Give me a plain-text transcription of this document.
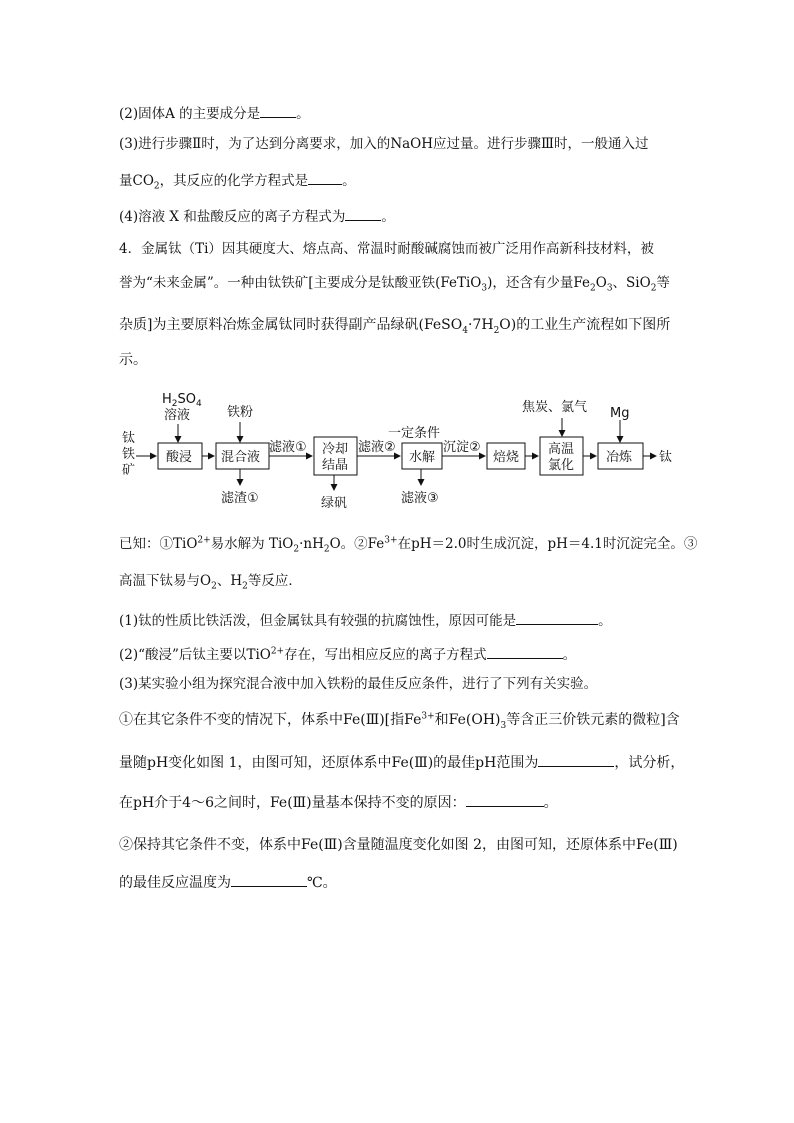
(2)固体A 的主要成分是	。
(3)进行步骤Ⅱ时，为了达到分离要求，加入的NaOH应过量。进行步骤Ⅲ时，一般通入过
量$CO_2$，其反应的化学方程式是	。
(4)溶液 X 和盐酸反应的离子方程式为	。
4．金属钛（Ti）因其硬度大、熔点高、常温时耐酸碱腐蚀而被广泛用作高新科技材料，被
誉为“未来金属”。一种由钛铁矿[主要成分是钛酸亚铁(FeTiO$_3$)，还含有少量$Fe_2O_3$、SiO$_2$等
杂质]为主要原料冶炼金属钛同时获得副产品绿矾$(FeSO_4\cdot 7H_2O)$的工业生产流程如下图所
示。
钛
铁
矿
$H_2SO_4$
溶液	铁粉	焦炭、氯气 Mg
一定条件
酸浸 混合液
冷却
结晶
水解	焙烧
高温
氯化
冶炼
滤液①	滤液②	沉淀②
滤渣①	绿矾	滤液③
钛
已知：①TiO$^{2+}$易水解为 $TiO_2\cdot nH_2O$。$②Fe^{3+}$在pH＝2.0时生成沉淀，pH＝4.1时沉淀完全。③
高温下钛易与$O_2$、$H_2$等反应．
(1)钛的性质比铁活泼，但金属钛具有较强的抗腐蚀性，原因可能是	。
(2)“酸浸”后钛主要以TiO$^{2+}$存在，写出相应反应的离子方程式	。
(3)某实验小组为探究混合液中加入铁粉的最佳反应条件，进行了下列有关实验。
①在其它条件不变的情况下，体系中Fe(Ⅲ)[指$Fe^{3+}$和$Fe(OH)_3$等含正三价铁元素的微粒]含
量随pH变化如图 1，由图可知，还原体系中Fe(Ⅲ)的最佳pH范围为	，试分析，
在pH介于4～6之间时，Fe(Ⅲ)量基本保持不变的原因：	。
②保持其它条件不变，体系中Fe(Ⅲ)含量随温度变化如图 2，由图可知，还原体系中Fe(Ⅲ)
的最佳反应温度为	℃。
